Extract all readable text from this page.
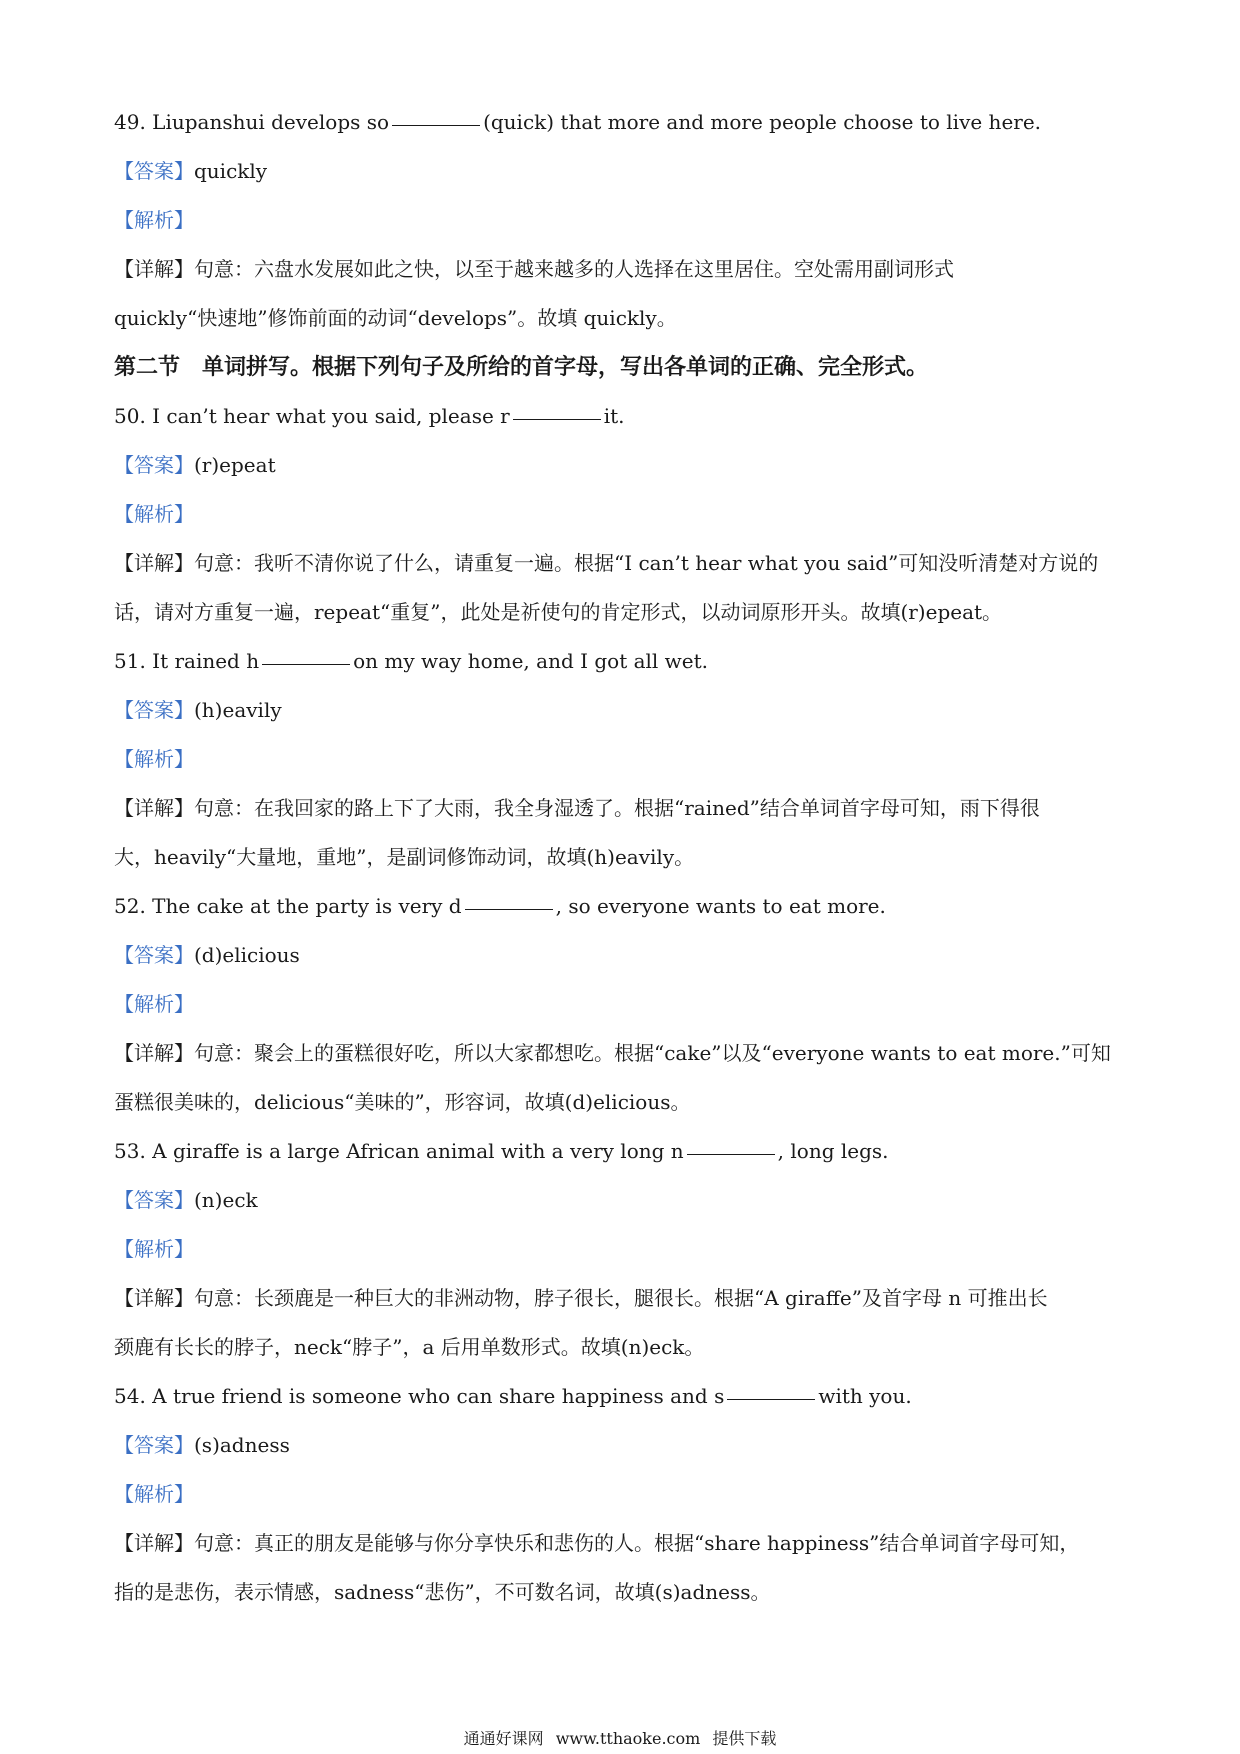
49. Liupanshui develops so	(quick) that more and more people choose to live here.
【答案】quickly
【解析】
【详解】句意：六盘水发展如此之快，以至于越来越多的人选择在这里居住。空处需用副词形式
quickly“快速地”修饰前面的动词“develops”。故填 quickly。
第二节　单词拼写。根据下列句子及所给的首字母，写出各单词的正确、完全形式。
50. I can’t hear what you said, please r	it.
【答案】(r)epeat
【解析】
【详解】句意：我听不清你说了什么，请重复一遍。根据“I can’t hear what you said”可知没听清楚对方说的
话，请对方重复一遍，repeat“重复”，此处是祈使句的肯定形式，以动词原形开头。故填(r)epeat。
51. It rained h	on my way home, and I got all wet.
【答案】(h)eavily
【解析】
【详解】句意：在我回家的路上下了大雨，我全身湿透了。根据“rained”结合单词首字母可知，雨下得很
大，heavily“大量地，重地”，是副词修饰动词，故填(h)eavily。
52. The cake at the party is very d	, so everyone wants to eat more.
【答案】(d)elicious
【解析】
【详解】句意：聚会上的蛋糕很好吃，所以大家都想吃。根据“cake”以及“everyone wants to eat more.”可知
蛋糕很美味的，delicious“美味的”，形容词，故填(d)elicious。
53. A giraffe is a large African animal with a very long n	, long legs.
【答案】(n)eck
【解析】
【详解】句意：长颈鹿是一种巨大的非洲动物，脖子很长，腿很长。根据“A giraffe”及首字母 n 可推出长
颈鹿有长长的脖子，neck“脖子”，a 后用单数形式。故填(n)eck。
54. A true friend is someone who can share happiness and s	with you.
【答案】(s)adness
【解析】
【详解】句意：真正的朋友是能够与你分享快乐和悲伤的人。根据“share happiness”结合单词首字母可知，
指的是悲伤，表示情感，sadness“悲伤”，不可数名词，故填(s)adness。
通通好课网 www.tthaoke.com 提供下载
